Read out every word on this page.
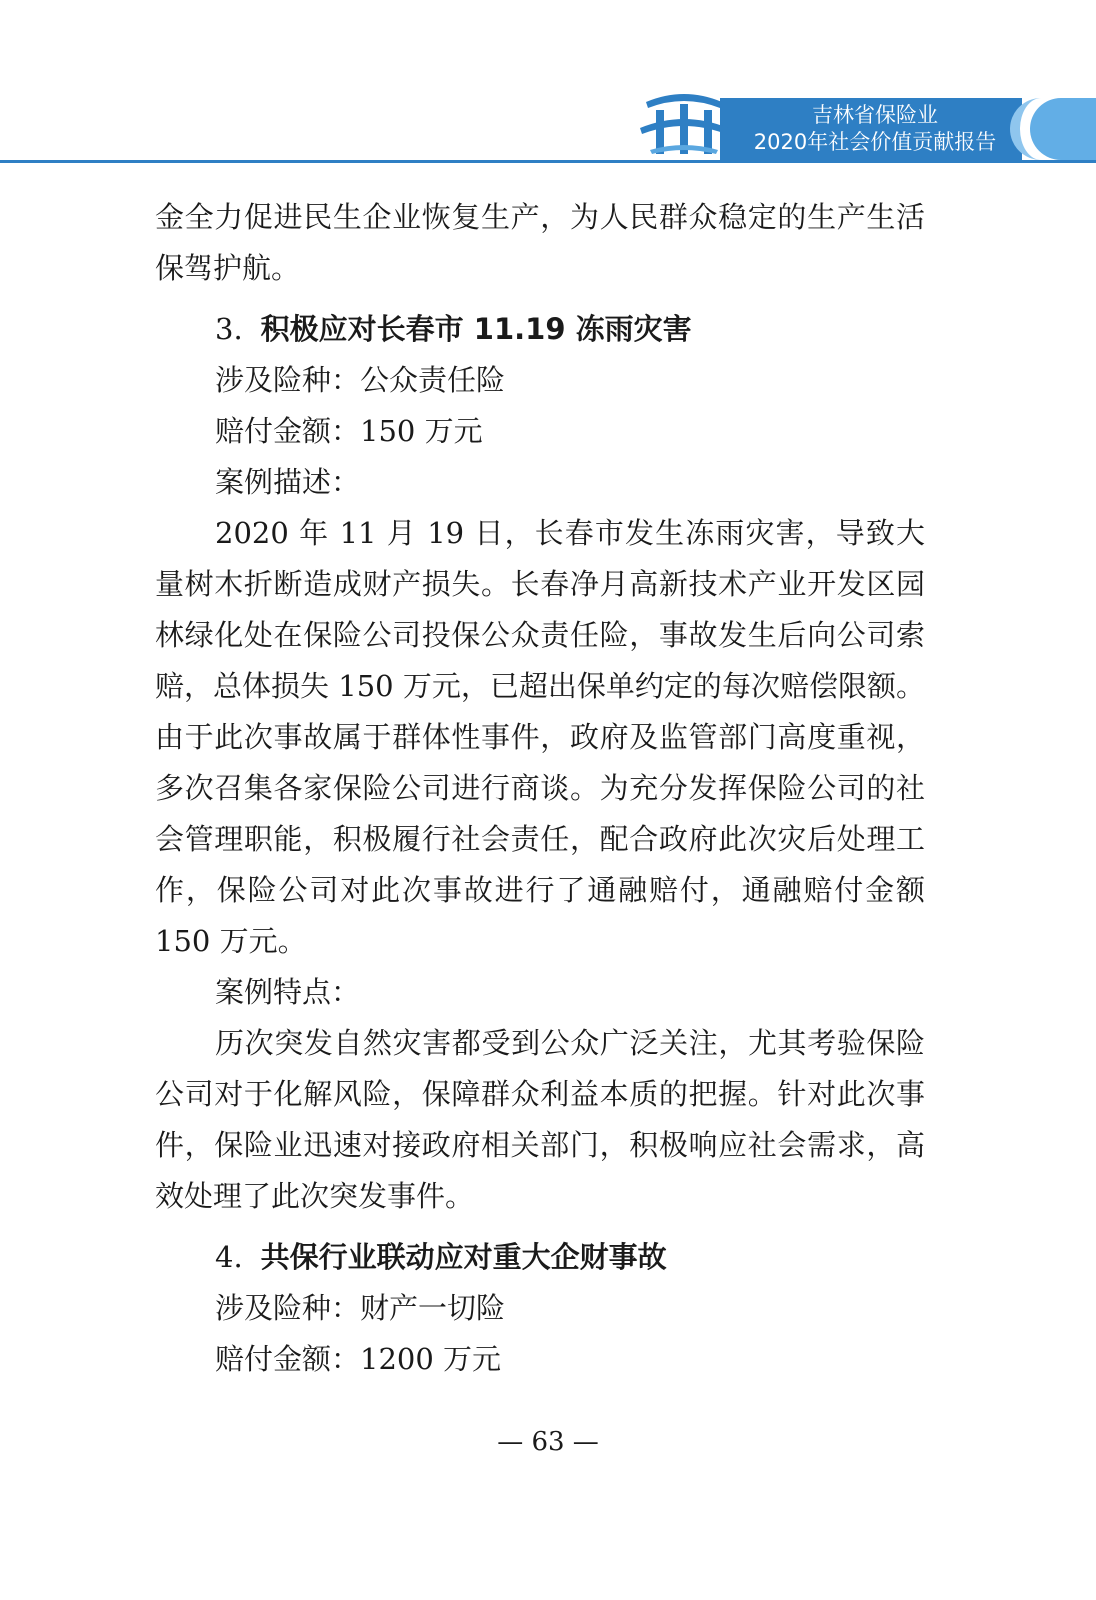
吉林省保险业
2020年社会价值贡献报告

金全力促进民生企业恢复生产，为人民群众稳定的生产生活保驾护航。

3. 积极应对长春市 11.19 冻雨灾害

涉及险种：公众责任险

赔付金额：150 万元

案例描述：

2020 年 11 月 19 日，长春市发生冻雨灾害，导致大量树木折断造成财产损失。长春净月高新技术产业开发区园林绿化处在保险公司投保公众责任险，事故发生后向公司索赔，总体损失 150 万元，已超出保单约定的每次赔偿限额。由于此次事故属于群体性事件，政府及监管部门高度重视，多次召集各家保险公司进行商谈。为充分发挥保险公司的社会管理职能，积极履行社会责任，配合政府此次灾后处理工作，保险公司对此次事故进行了通融赔付，通融赔付金额 150 万元。

案例特点：

历次突发自然灾害都受到公众广泛关注，尤其考验保险公司对于化解风险，保障群众利益本质的把握。针对此次事件，保险业迅速对接政府相关部门，积极响应社会需求，高效处理了此次突发事件。

4. 共保行业联动应对重大企财事故

涉及险种：财产一切险

赔付金额：1200 万元

— 63 —
